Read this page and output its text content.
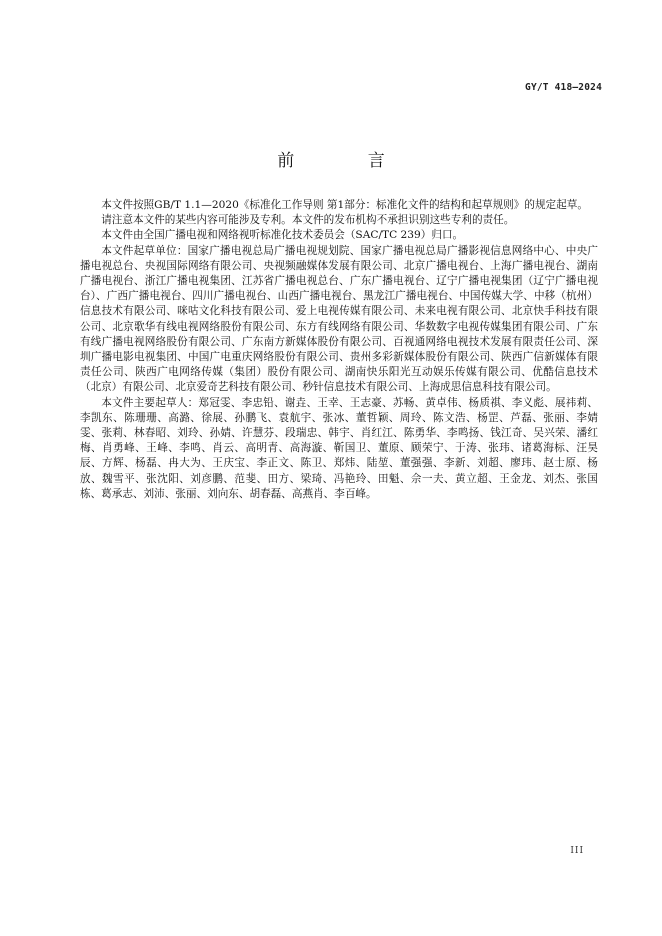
GY/T 418—2024
前 言

本文件按照GB/T 1.1—2020《标准化工作导则 第1部分：标准化文件的结构和起草规则》的规定起草。

请注意本文件的某些内容可能涉及专利。本文件的发布机构不承担识别这些专利的责任。

本文件由全国广播电视和网络视听标准化技术委员会（SAC/TC 239）归口。

本文件起草单位：国家广播电视总局广播电视规划院、国家广播电视总局广播影视信息网络中心、中央广播电视总台、央视国际网络有限公司、央视频融媒体发展有限公司、北京广播电视台、上海广播电视台、湖南广播电视台、浙江广播电视集团、江苏省广播电视总台、广东广播电视台、辽宁广播电视集团（辽宁广播电视台）、广西广播电视台、四川广播电视台、山西广播电视台、黑龙江广播电视台、中国传媒大学、中移（杭州）信息技术有限公司、咪咕文化科技有限公司、爱上电视传媒有限公司、未来电视有限公司、北京快手科技有限公司、北京歌华有线电视网络股份有限公司、东方有线网络有限公司、华数数字电视传媒集团有限公司、广东有线广播电视网络股份有限公司、广东南方新媒体股份有限公司、百视通网络电视技术发展有限责任公司、深圳广播电影电视集团、中国广电重庆网络股份有限公司、贵州多彩新媒体股份有限公司、陕西广信新媒体有限责任公司、陕西广电网络传媒（集团）股份有限公司、湖南快乐阳光互动娱乐传媒有限公司、优酷信息技术（北京）有限公司、北京爱奇艺科技有限公司、秒针信息技术有限公司、上海成思信息科技有限公司。

本文件主要起草人：郑冠雯、李忠铅、谢垚、王幸、王志豪、苏畅、黄卓伟、杨质祺、李义彪、展祎莉、李凯东、陈珊珊、高潞、徐展、孙鹏飞、袁航宇、张冰、董哲颖、周玲、陈文浩、杨罡、芦磊、张丽、李婧雯、张莉、林春昭、刘玲、孙婧、许慧芬、段瑞忠、韩宇、肖红江、陈勇华、李鸣扬、钱江奇、吴兴荣、潘红梅、肖勇峰、王峰、李鸣、肖云、高明青、高海漩、靳国卫、董原、顾荣宁、于涛、张玮、诸葛海标、汪昊辰、方辉、杨磊、冉大为、王庆宝、李正文、陈卫、郑炜、陆堃、董强强、李新、刘超、廖玮、赵士原、杨放、魏雪平、张沈阳、刘彦鹏、范斐、田方、梁琦、冯艳玲、田魁、佘一夫、黄立超、王金龙、刘杰、张国栋、葛承志、刘沛、张丽、刘向东、胡春磊、高燕肖、李百峰。

III
